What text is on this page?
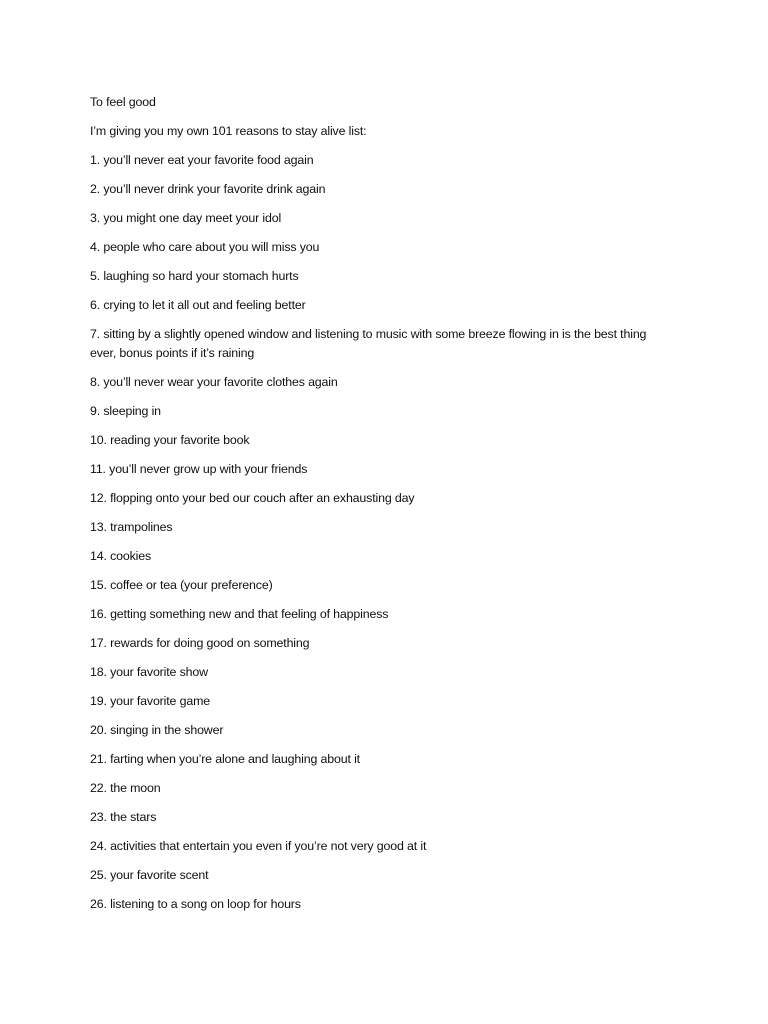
To feel good

I’m giving you my own 101 reasons to stay alive list:

1. you’ll never eat your favorite food again

2. you’ll never drink your favorite drink again

3. you might one day meet your idol

4. people who care about you will miss you

5. laughing so hard your stomach hurts

6. crying to let it all out and feeling better

7. sitting by a slightly opened window and listening to music with some breeze flowing in is the best thing ever, bonus points if it’s raining

8. you’ll never wear your favorite clothes again

9. sleeping in

10. reading your favorite book

11. you’ll never grow up with your friends

12. flopping onto your bed our couch after an exhausting day

13. trampolines

14. cookies

15. coffee or tea (your preference)

16. getting something new and that feeling of happiness

17. rewards for doing good on something

18. your favorite show

19. your favorite game

20. singing in the shower

21. farting when you’re alone and laughing about it

22. the moon

23. the stars

24. activities that entertain you even if you’re not very good at it

25. your favorite scent

26. listening to a song on loop for hours
